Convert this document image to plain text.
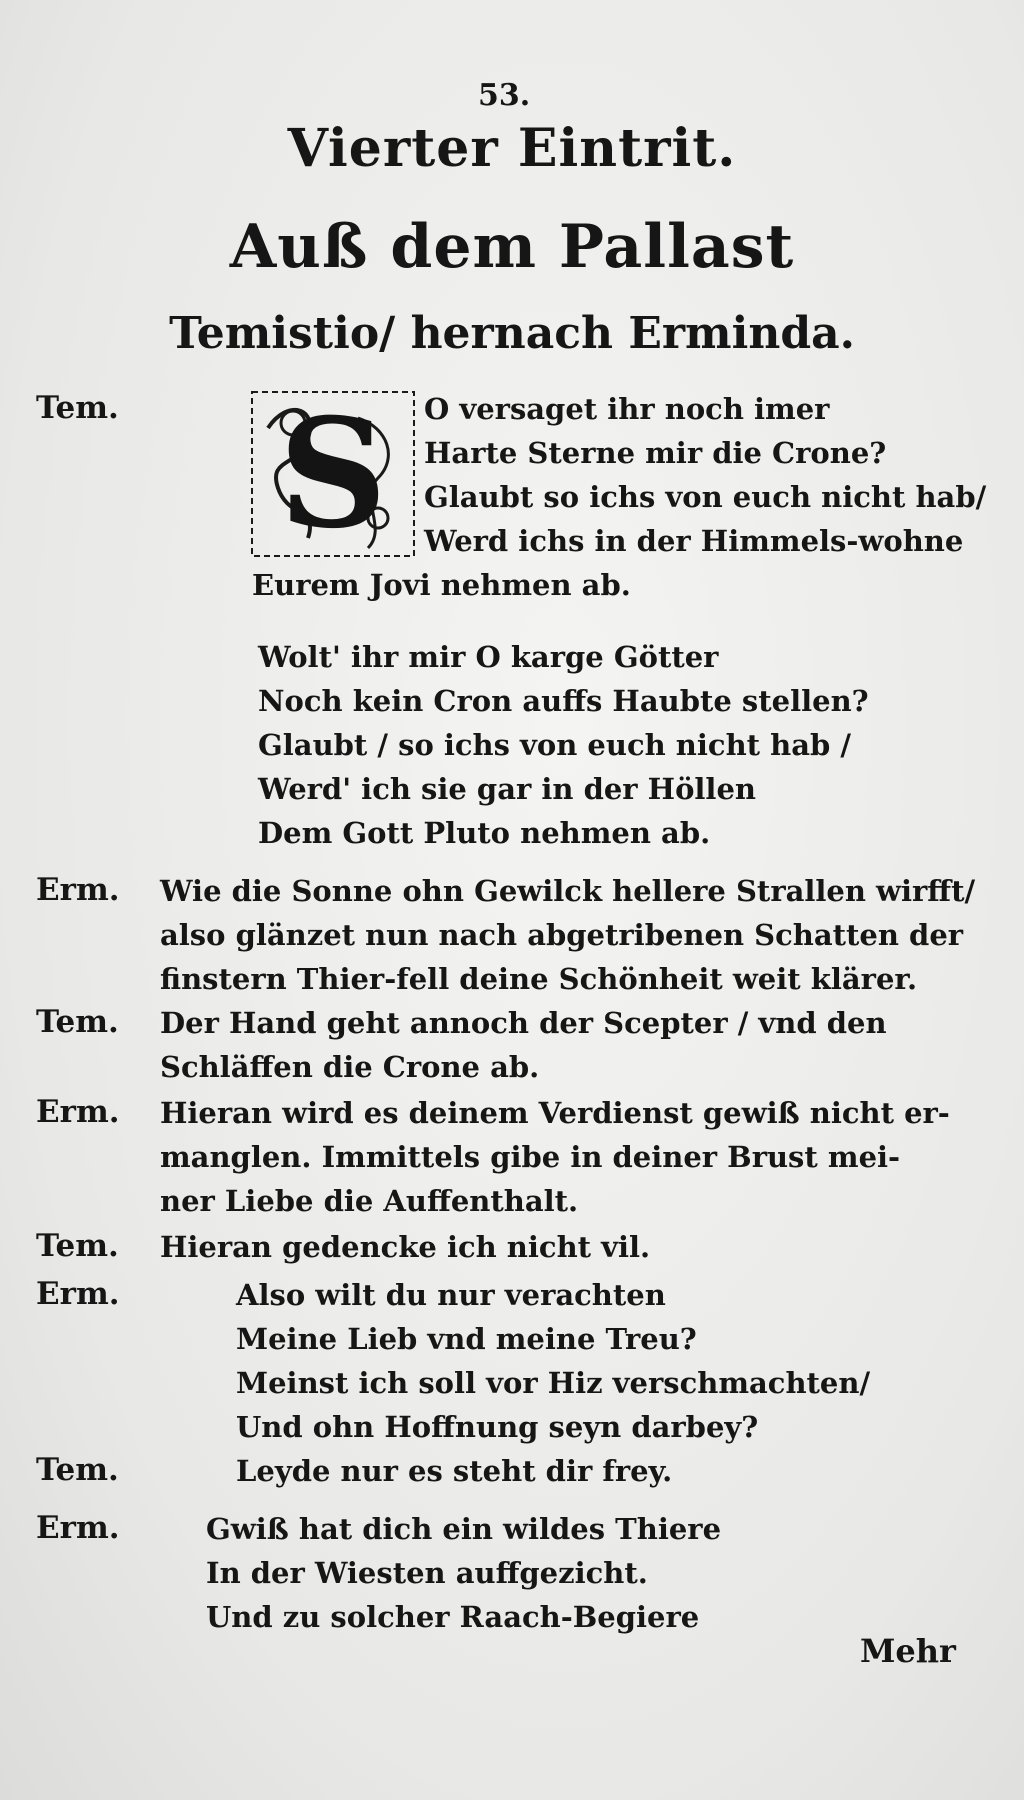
53.
Vierter Eintrit.
Auß dem Pallast
Temistio/ hernach Erminda.
Tem. S O versaget ihr noch imer
Harte Sterne mir die Crone?
Glaubt so ichs von euch nicht hab/
Werd ichs in der Himmels-wohne
Eurem Jovi nehmen ab.
Wolt' ihr mir O karge Götter
Noch kein Cron auffs Haubte stellen?
Glaubt / so ichs von euch nicht hab /
Werd' ich sie gar in der Höllen
Dem Gott Pluto nehmen ab.
Erm. Wie die Sonne ohn Gewilck hellere Strallen wirfft/
also glänzet nun nach abgetribenen Schatten der
finstern Thier-fell deine Schönheit weit klärer.
Tem. Der Hand geht annoch der Scepter / vnd den
Schläffen die Crone ab.
Erm. Hieran wird es deinem Verdienst gewiß nicht er-
manglen. Immittels gibe in deiner Brust mei-
ner Liebe die Auffenthalt.
Tem. Hieran gedencke ich nicht vil.
Erm.	Also wilt du nur verachten
Meine Lieb vnd meine Treu?
Meinst ich soll vor Hiz verschmachten/
Und ohn Hoffnung seyn darbey?
Tem.	Leyde nur es steht dir frey.
Erm.	Gwiß hat dich ein wildes Thiere
In der Wiesten auffgezicht.
Und zu solcher Raach-Begiere
Mehr
